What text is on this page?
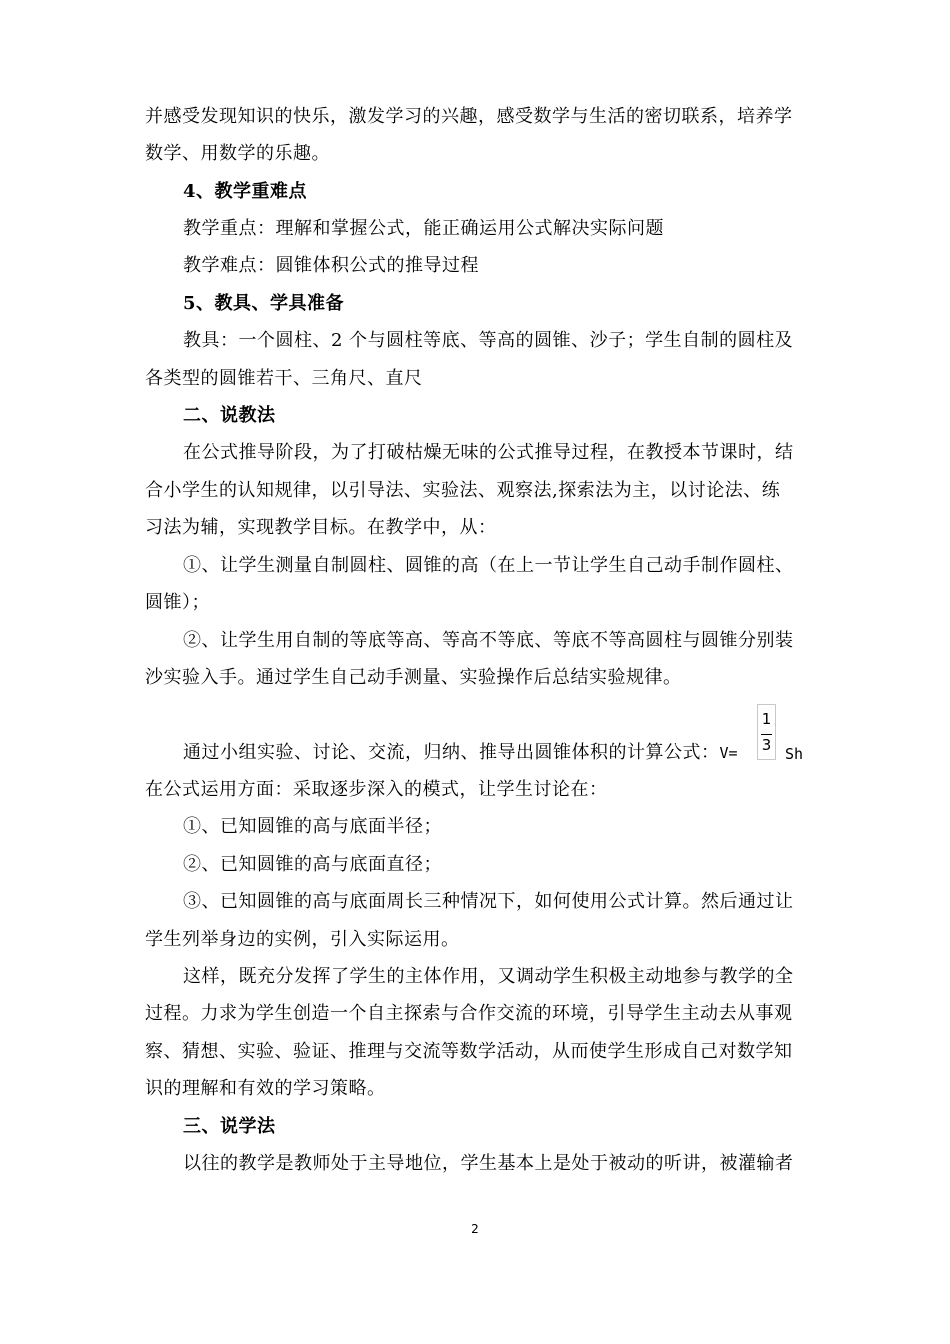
并感受发现知识的快乐，激发学习的兴趣，感受数学与生活的密切联系，培养学
数学、用数学的乐趣。
4、教学重难点
教学重点：理解和掌握公式，能正确运用公式解决实际问题
教学难点：圆锥体积公式的推导过程
5、教具、学具准备
教具：一个圆柱、2 个与圆柱等底、等高的圆锥、沙子；学生自制的圆柱及
各类型的圆锥若干、三角尺、直尺
二、说教法
在公式推导阶段，为了打破枯燥无味的公式推导过程，在教授本节课时，结
合小学生的认知规律，以引导法、实验法、观察法,探索法为主，以讨论法、练
习法为辅，实现教学目标。在教学中，从：
①、让学生测量自制圆柱、圆锥的高（在上一节让学生自己动手制作圆柱、
圆锥）；
②、让学生用自制的等底等高、等高不等底、等底不等高圆柱与圆锥分别装
沙实验入手。通过学生自己动手测量、实验操作后总结实验规律。
通过小组实验、讨论、交流，归纳、推导出圆锥体积的计算公式：V=
1
3 Sh
在公式运用方面：采取逐步深入的模式，让学生讨论在：
①、已知圆锥的高与底面半径；
②、已知圆锥的高与底面直径；
③、已知圆锥的高与底面周长三种情况下，如何使用公式计算。然后通过让
学生列举身边的实例，引入实际运用。
这样，既充分发挥了学生的主体作用，又调动学生积极主动地参与教学的全
过程。力求为学生创造一个自主探索与合作交流的环境，引导学生主动去从事观
察、猜想、实验、验证、推理与交流等数学活动，从而使学生形成自己对数学知
识的理解和有效的学习策略。
三、说学法
以往的教学是教师处于主导地位，学生基本上是处于被动的听讲，被灌输者
2
